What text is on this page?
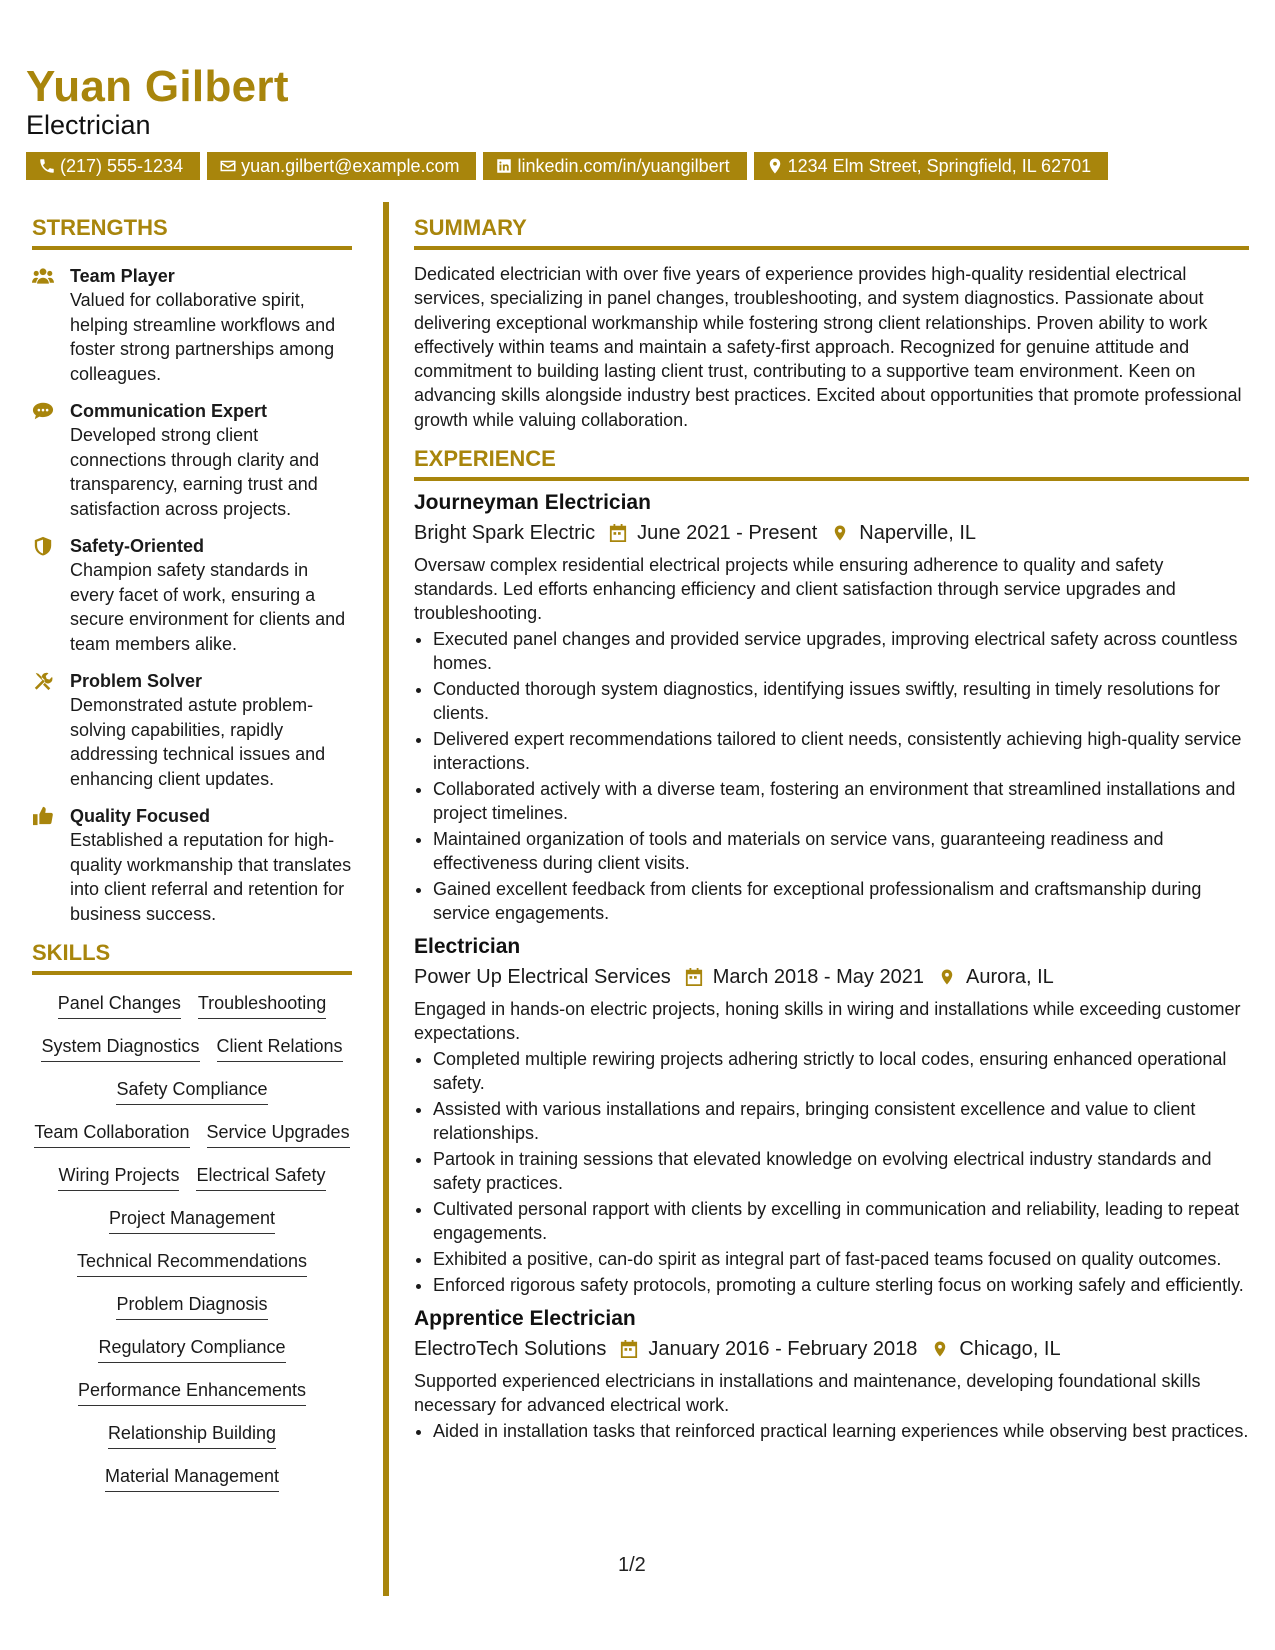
Yuan Gilbert
Electrician
(217) 555-1234	yuan.gilbert@example.com	linkedin.com/in/yuangilbert	1234 Elm Street, Springfield, IL 62701
STRENGTHS
Team Player

Valued for collaborative spirit, helping streamline workflows and foster strong partnerships among colleagues.

Communication Expert

Developed strong client connections through clarity and transparency, earning trust and satisfaction across projects.

Safety-Oriented

Champion safety standards in every facet of work, ensuring a secure environment for clients and team members alike.

Problem Solver

Demonstrated astute problem-solving capabilities, rapidly addressing technical issues and enhancing client updates.

Quality Focused

Established a reputation for high-quality workmanship that translates into client referral and retention for business success.

SKILLS
Panel Changes Troubleshooting
System Diagnostics Client Relations
Safety Compliance
Team Collaboration Service Upgrades
Wiring Projects Electrical Safety
Project Management
Technical Recommendations
Problem Diagnosis
Regulatory Compliance
Performance Enhancements
Relationship Building
Material Management
SUMMARY

Dedicated electrician with over five years of experience provides high-quality residential electrical services, specializing in panel changes, troubleshooting, and system diagnostics. Passionate about delivering exceptional workmanship while fostering strong client relationships. Proven ability to work effectively within teams and maintain a safety-first approach. Recognized for genuine attitude and commitment to building lasting client trust, contributing to a supportive team environment. Keen on advancing skills alongside industry best practices. Excited about opportunities that promote professional growth while valuing collaboration.

EXPERIENCE
Journeyman Electrician
Bright Spark Electric June 2021 - Present Naperville, IL

Oversaw complex residential electrical projects while ensuring adherence to quality and safety standards. Led efforts enhancing efficiency and client satisfaction through service upgrades and troubleshooting.

• Executed panel changes and provided service upgrades, improving electrical safety across countless homes.
• Conducted thorough system diagnostics, identifying issues swiftly, resulting in timely resolutions for clients.
• Delivered expert recommendations tailored to client needs, consistently achieving high-quality service interactions.
• Collaborated actively with a diverse team, fostering an environment that streamlined installations and project timelines.
• Maintained organization of tools and materials on service vans, guaranteeing readiness and effectiveness during client visits.
• Gained excellent feedback from clients for exceptional professionalism and craftsmanship during service engagements.
Electrician
Power Up Electrical Services March 2018 - May 2021 Aurora, IL

Engaged in hands-on electric projects, honing skills in wiring and installations while exceeding customer expectations.

• Completed multiple rewiring projects adhering strictly to local codes, ensuring enhanced operational safety.
• Assisted with various installations and repairs, bringing consistent excellence and value to client relationships.
• Partook in training sessions that elevated knowledge on evolving electrical industry standards and safety practices.
• Cultivated personal rapport with clients by excelling in communication and reliability, leading to repeat engagements.
• Exhibited a positive, can-do spirit as integral part of fast-paced teams focused on quality outcomes.
• Enforced rigorous safety protocols, promoting a culture sterling focus on working safely and efficiently.
Apprentice Electrician
ElectroTech Solutions January 2016 - February 2018 Chicago, IL

Supported experienced electricians in installations and maintenance, developing foundational skills necessary for advanced electrical work.

• Aided in installation tasks that reinforced practical learning experiences while observing best practices.
1/2
